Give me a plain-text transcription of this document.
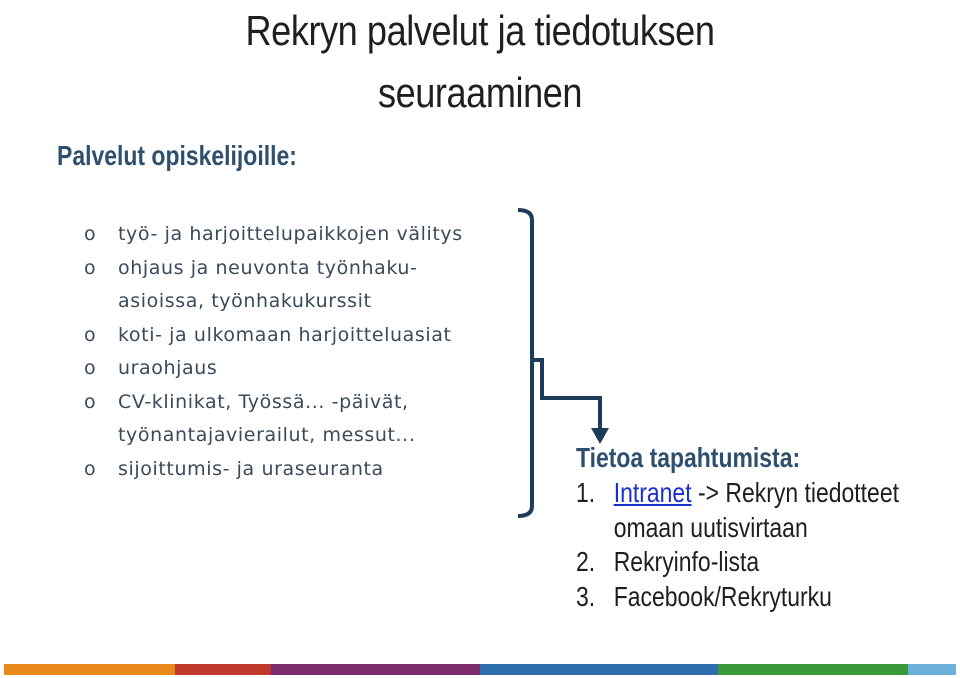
Rekryn palvelut ja tiedotuksen
seuraaminen
Palvelut opiskelijoille:
o työ- ja harjoittelupaikkojen välitys
o ohjaus ja neuvonta työnhaku-
asioissa, työnhakukurssit
o koti- ja ulkomaan harjoitteluasiat
o uraohjaus
o CV-klinikat, Työssä... -päivät,
työnantajavierailut, messut...
o sijoittumis- ja uraseuranta	Tietoa tapahtumista:
1. Intranet -> Rekryn tiedotteet
omaan uutisvirtaan
2. Rekryinfo-lista
3. Facebook/Rekryturku
